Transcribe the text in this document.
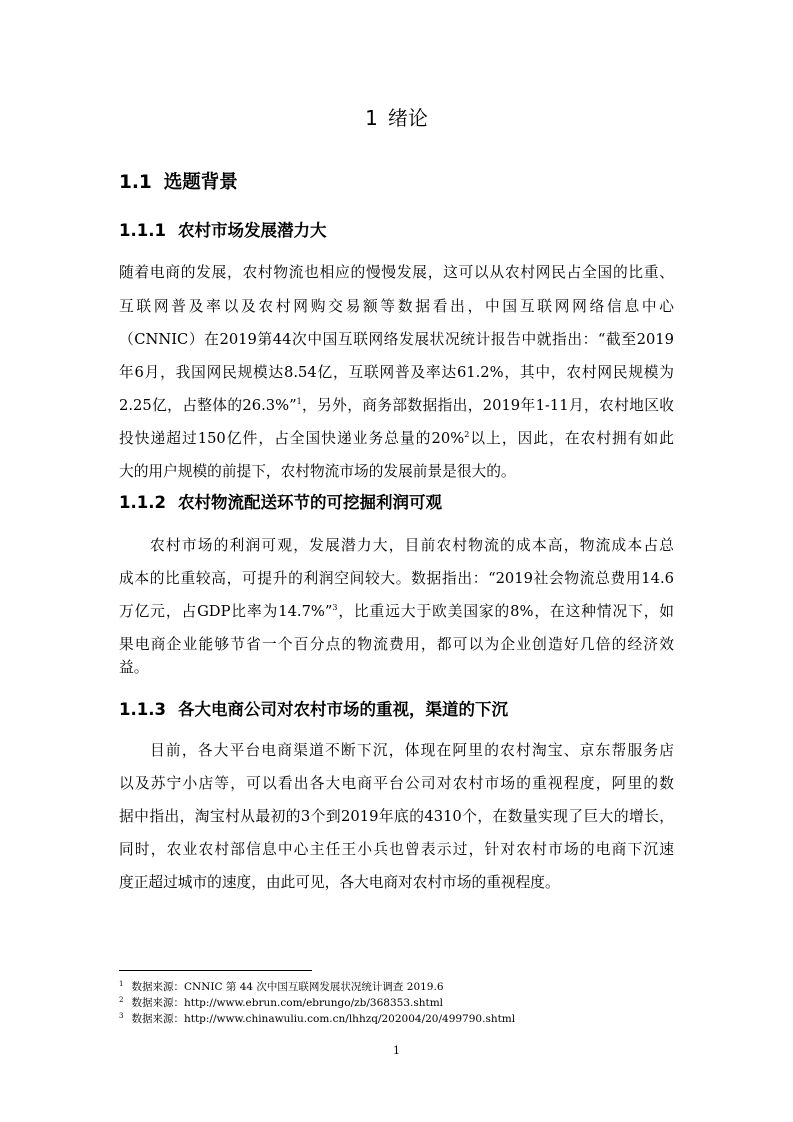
1 绪论
1.1 选题背景
1.1.1 农村市场发展潜力大
随着电商的发展，农村物流也相应的慢慢发展，这可以从农村网民占全国的比重、
互联网普及率以及农村网购交易额等数据看出，中国互联网网络信息中心
（CNNIC）在2019第44次中国互联网络发展状况统计报告中就指出：“截至2019
年6月，我国网民规模达8.54亿，互联网普及率达61.2%，其中，农村网民规模为
2.25亿，占整体的26.3%”$^1$，另外，商务部数据指出，2019年1-11月，农村地区收
投快递超过150亿件，占全国快递业务总量的20%$^2$以上，因此，在农村拥有如此
大的用户规模的前提下，农村物流市场的发展前景是很大的。
1.1.2 农村物流配送环节的可挖掘利润可观
农村市场的利润可观，发展潜力大，目前农村物流的成本高，物流成本占总
成本的比重较高，可提升的利润空间较大。数据指出：“2019社会物流总费用14.6
万亿元，占GDP比率为14.7%”$^3$，比重远大于欧美国家的8%，在这种情况下，如
果电商企业能够节省一个百分点的物流费用，都可以为企业创造好几倍的经济效
益。
1.1.3 各大电商公司对农村市场的重视，渠道的下沉
目前，各大平台电商渠道不断下沉，体现在阿里的农村淘宝、京东帮服务店
以及苏宁小店等，可以看出各大电商平台公司对农村市场的重视程度，阿里的数
据中指出，淘宝村从最初的3个到2019年底的4310个，在数量实现了巨大的增长，
同时，农业农村部信息中心主任王小兵也曾表示过，针对农村市场的电商下沉速
度正超过城市的速度，由此可见，各大电商对农村市场的重视程度。
$^1$ 数据来源：CNNIC 第 44 次中国互联网发展状况统计调查 2019.6
$^2$ 数据来源：http://www.ebrun.com/ebrungo/zb/368353.shtml
$^3$ 数据来源：http://www.chinawuliu.com.cn/lhhzq/202004/20/499790.shtml
1
